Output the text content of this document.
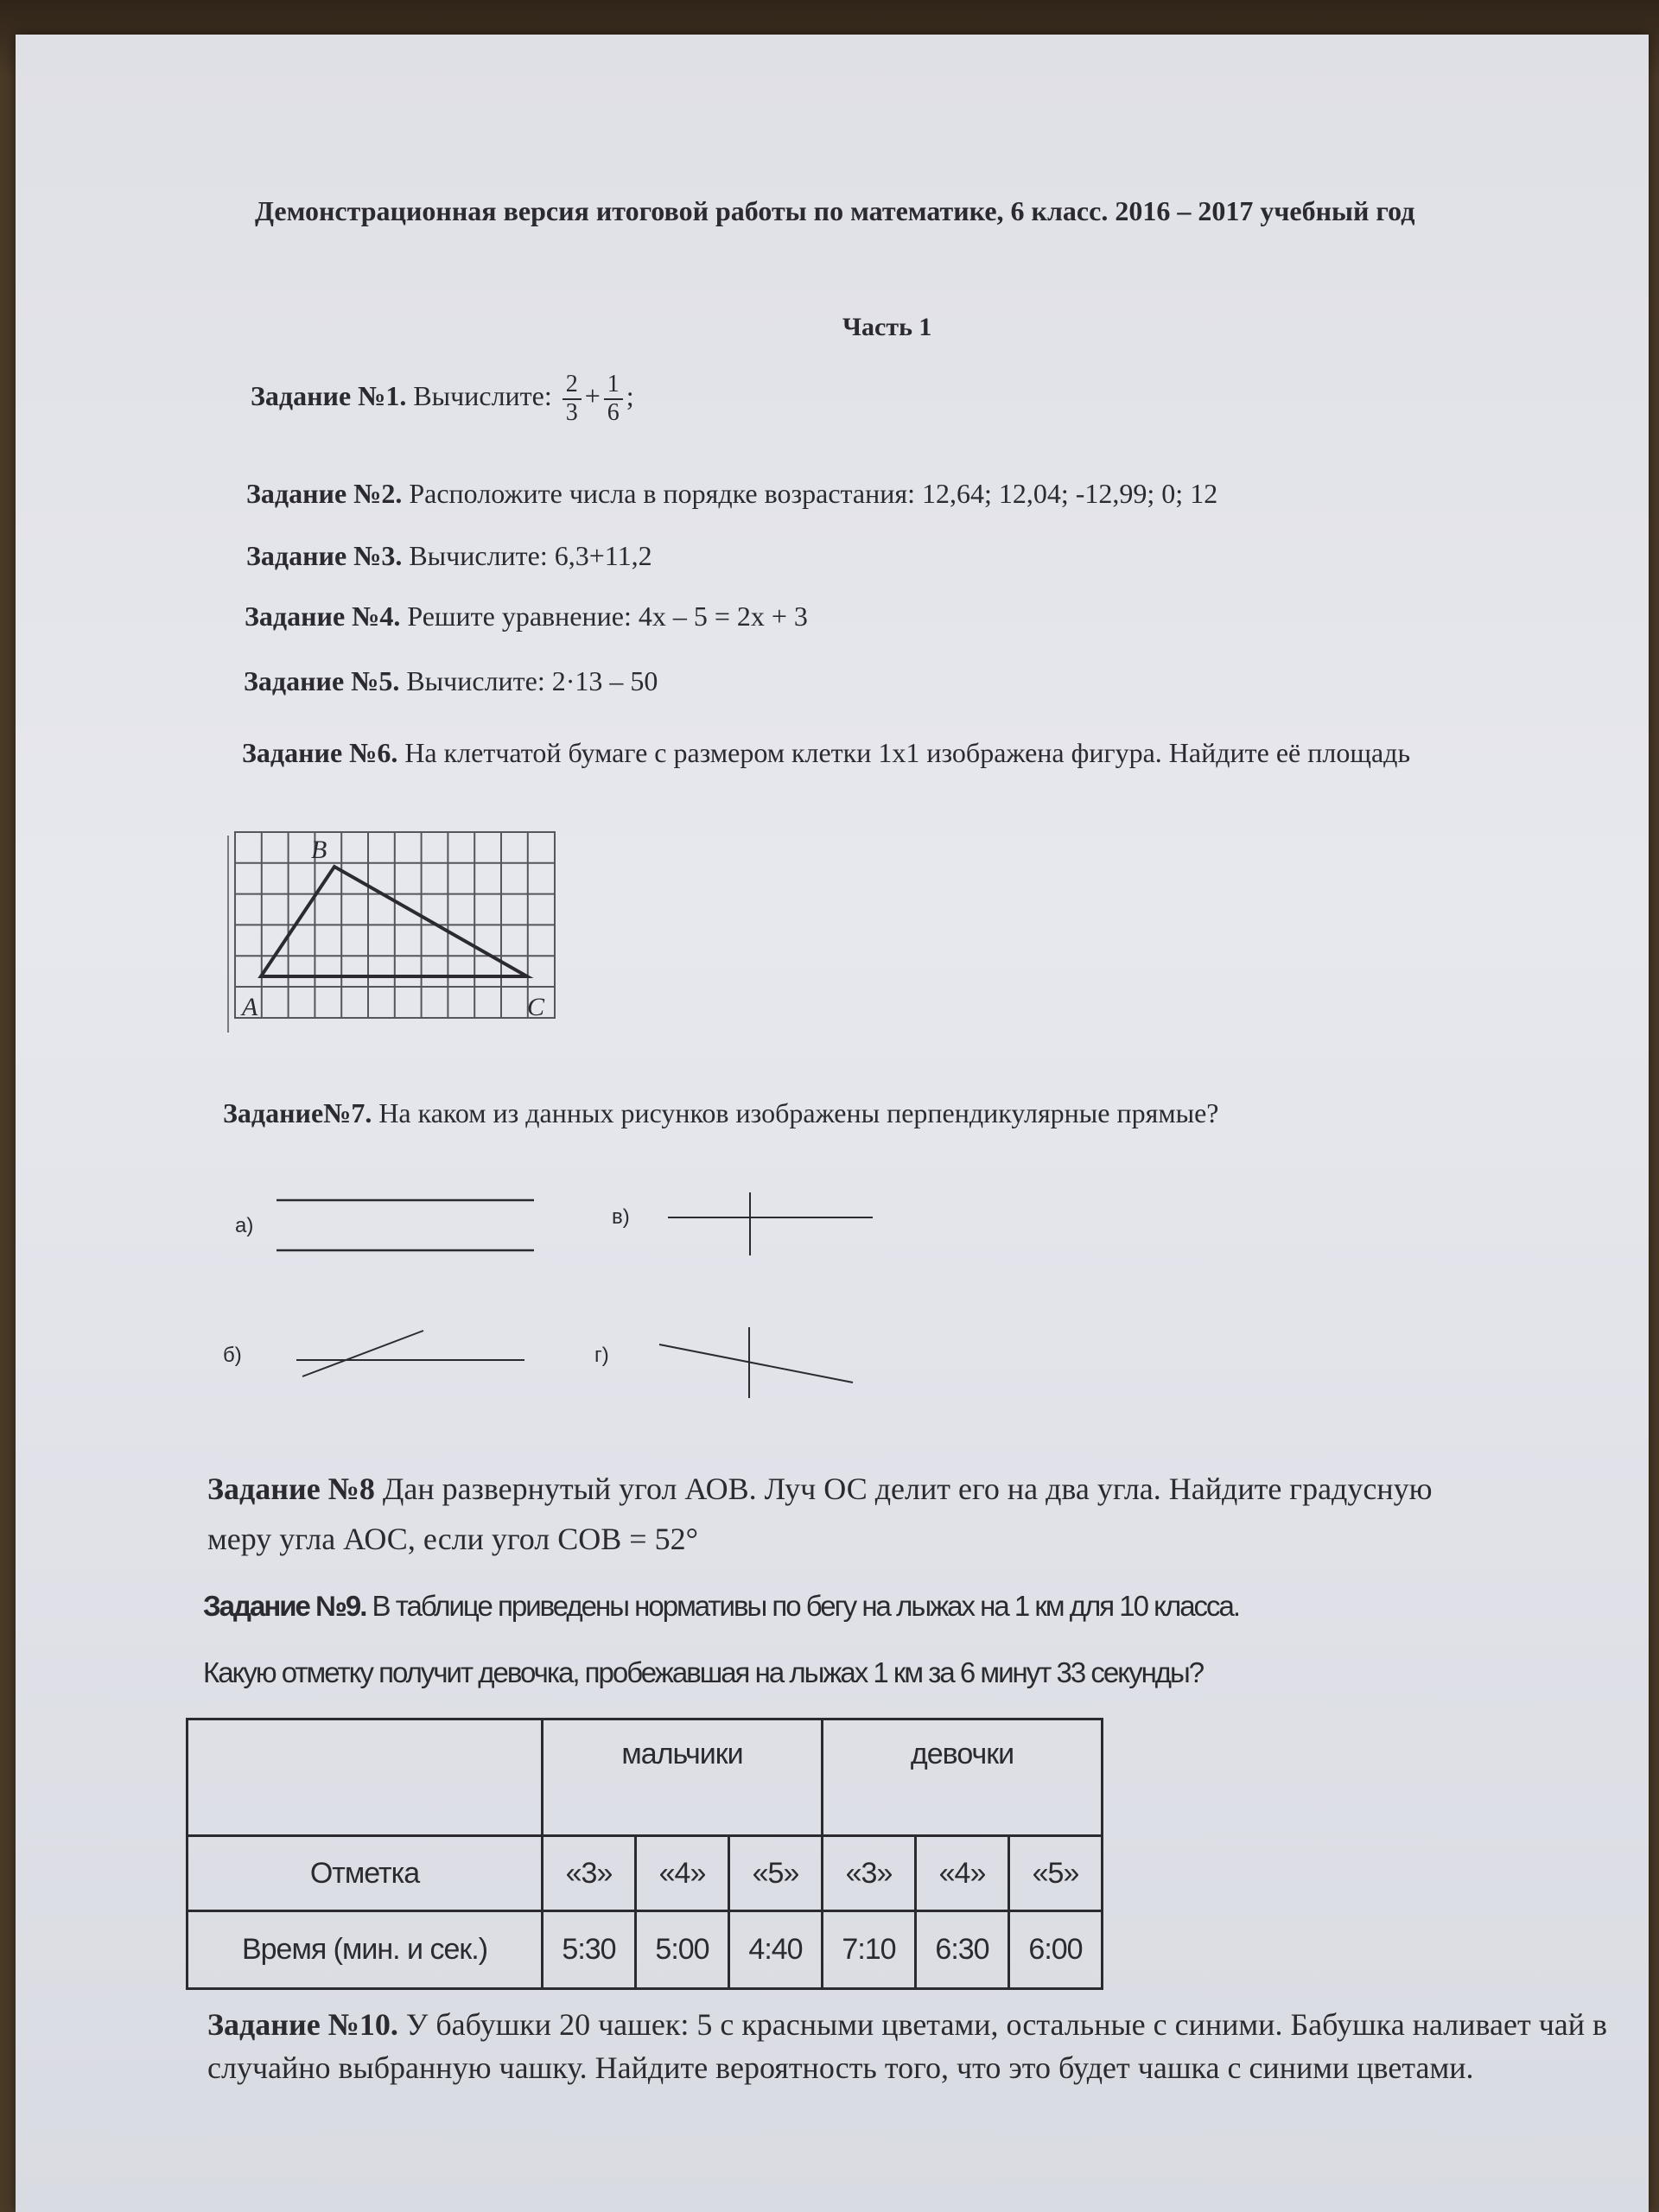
Демонстрационная версия итоговой работы по математике, 6 класс. 2016 – 2017 учебный год
Часть 1
Задание №1. Вычислите: $\frac{2}{3} + \frac{1}{6}$ ;
Задание №2. Расположите числа в порядке возрастания: 12,64; 12,04; -12,99; 0; 12
Задание №3. Вычислите: 6,3+11,2
Задание №4. Решите уравнение: 4x – 5 = 2x + 3
Задание №5. Вычислите: 2·13 – 50
Задание №6. На клетчатой бумаге с размером клетки 1x1 изображена фигура. Найдите её площадь
B
A	C
Задание№7. На каком из данных рисунков изображены перпендикулярные прямые?
а)	в)
б)	г)
Задание №8 Дан развернутый угол АОВ. Луч ОС делит его на два угла. Найдите градусную меру угла АОС, если угол СОВ = 52°
Задание №9. В таблице приведены нормативы по бегу на лыжах на 1 км для 10 класса.
Какую отметку получит девочка, пробежавшая на лыжах 1 км за 6 минут 33 секунды?
	мальчики			девочки		
Отметка	«3»	«4»	«5»	«3»	«4»	«5»
Время (мин. и сек.)	5:30	5:00	4:40	7:10	6:30	6:00
Задание №10. У бабушки 20 чашек: 5 с красными цветами, остальные с синими. Бабушка наливает чай в случайно выбранную чашку. Найдите вероятность того, что это будет чашка с синими цветами.
